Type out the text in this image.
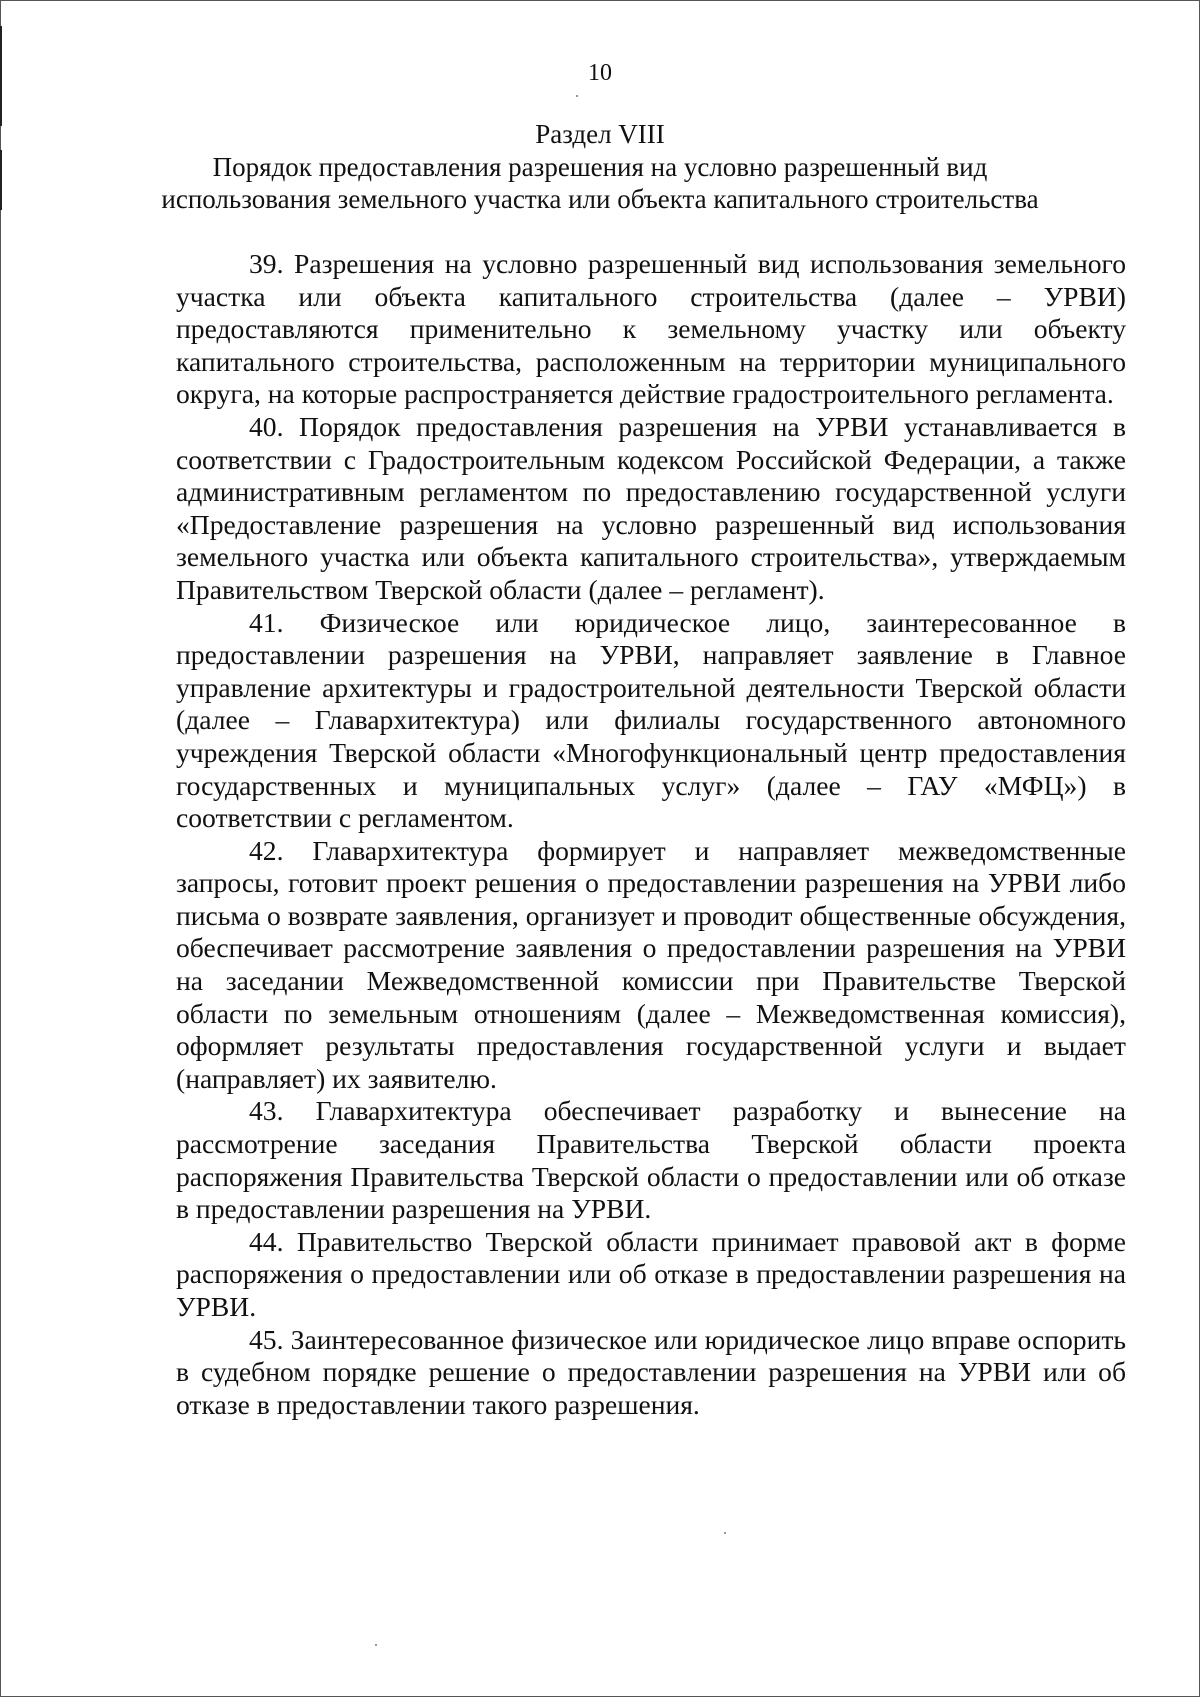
10
Раздел VIII
Порядок предоставления разрешения на условно разрешенный вид
использования земельного участка или объекта капитального строительства

39. Разрешения на условно разрешенный вид использования земельного участка или объекта капитального строительства (далее – УРВИ) предоставляются применительно к земельному участку или объекту капитального строительства, расположенным на территории муниципального округа, на которые распространяется действие градостроительного регламента.

40. Порядок предоставления разрешения на УРВИ устанавливается в соответствии с Градостроительным кодексом Российской Федерации, а также административным регламентом по предоставлению государственной услуги «Предоставление разрешения на условно разрешенный вид использования земельного участка или объекта капитального строительства», утверждаемым Правительством Тверской области (далее – регламент).

41. Физическое или юридическое лицо, заинтересованное в предоставлении разрешения на УРВИ, направляет заявление в Главное управление архитектуры и градостроительной деятельности Тверской области (далее – Главархитектура) или филиалы государственного автономного учреждения Тверской области «Многофункциональный центр предоставления государственных и муниципальных услуг» (далее – ГАУ «МФЦ») в соответствии с регламентом.

42. Главархитектура формирует и направляет межведомственные запросы, готовит проект решения о предоставлении разрешения на УРВИ либо письма о возврате заявления, организует и проводит общественные обсуждения, обеспечивает рассмотрение заявления о предоставлении разрешения на УРВИ на заседании Межведомственной комиссии при Правительстве Тверской области по земельным отношениям (далее – Межведомственная комиссия), оформляет результаты предоставления государственной услуги и выдает (направляет) их заявителю.

43. Главархитектура обеспечивает разработку и вынесение на рассмотрение заседания Правительства Тверской области проекта распоряжения Правительства Тверской области о предоставлении или об отказе в предоставлении разрешения на УРВИ.

44. Правительство Тверской области принимает правовой акт в форме распоряжения о предоставлении или об отказе в предоставлении разрешения на УРВИ.

45. Заинтересованное физическое или юридическое лицо вправе оспорить в судебном порядке решение о предоставлении разрешения на УРВИ или об отказе в предоставлении такого разрешения.
